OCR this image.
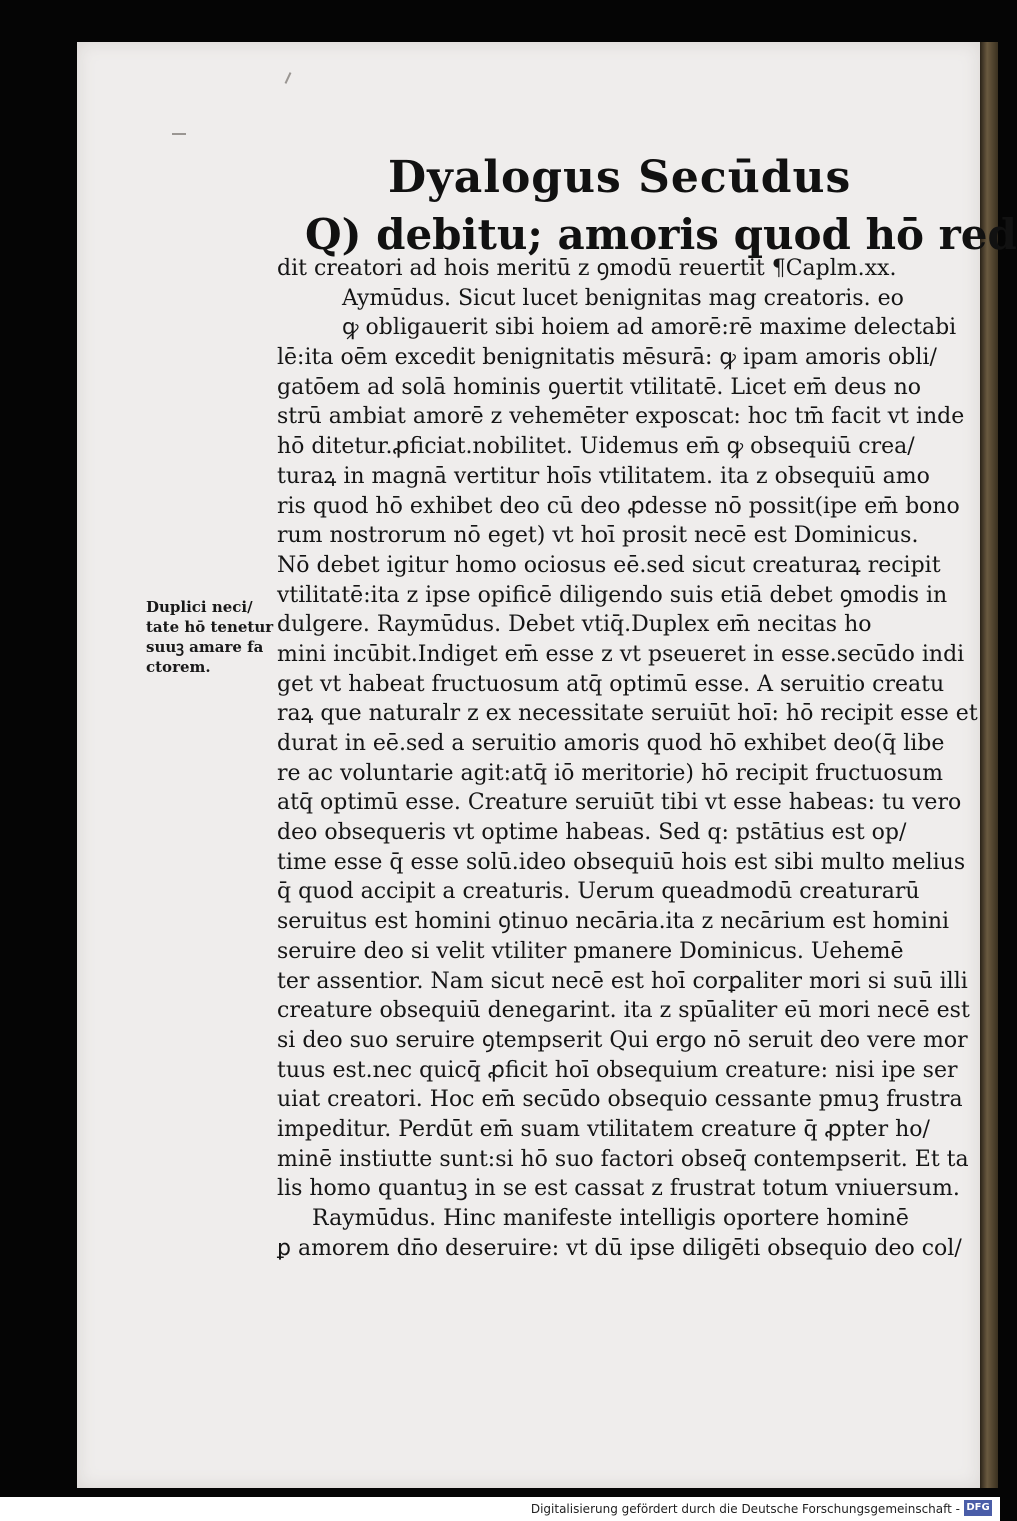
Dyalogus Secūdus
Q) debitu; amoris quod hō red
dit creatori ad hois meritū z ꝯmodū reuertit ¶Caplm.xx.
Aymūdus. Sicut lucet benignitas mag creatoris. eo
ꝙ obligauerit sibi hoiem ad amorē:rē maxime delectabi
lē:ita oēm excedit benignitatis mēsurā: ꝙ ipam amoris obli/
gatōem ad solā hominis ꝯuertit vtilitatē. Licet em̄ deus no
strū ambiat amorē z vehemēter exposcat: hoc tm̄ facit vt inde
hō ditetur.ꝓficiat.nobilitet. Uidemus em̄ ꝙ obsequiū crea/
turaꝝ in magnā vertitur hoīs vtilitatem. ita z obsequiū amo
ris quod hō exhibet deo cū deo ꝓdesse nō possit(ipe em̄ bono
rum nostrorum nō eget) vt hoī prosit necē est Dominicus.
Nō debet igitur homo ociosus eē.sed sicut creaturaꝝ recipit
vtilitatē:ita z ipse opificē diligendo suis etiā debet ꝯmodis in
dulgere. Raymūdus. Debet vtiq̄.Duplex em̄ necitas ho
mini incūbit.Indiget em̄ esse z vt pseueret in esse.secūdo indi
get vt habeat fructuosum atq̄ optimū esse. A seruitio creatu
raꝝ que naturalr z ex necessitate seruiūt hoī: hō recipit esse et
durat in eē.sed a seruitio amoris quod hō exhibet deo(q̄ libe
re ac voluntarie agit:atq̄ iō meritorie) hō recipit fructuosum
atq̄ optimū esse. Creature seruiūt tibi vt esse habeas: tu vero
deo obsequeris vt optime habeas. Sed q: pstātius est op/
time esse q̄ esse solū.ideo obsequiū hois est sibi multo melius
q̄ quod accipit a creaturis. Uerum queadmodū creaturarū
seruitus est homini ꝯtinuo necāria.ita z necārium est homini
seruire deo si velit vtiliter pmanere Dominicus. Uehemē
ter assentior. Nam sicut necē est hoī corꝑaliter mori si suū illi
creature obsequiū denegarint. ita z spūaliter eū mori necē est
si deo suo seruire ꝯtempserit Qui ergo nō seruit deo vere mor
tuus est.nec quicq̄ ꝓficit hoī obsequium creature: nisi ipe ser
uiat creatori. Hoc em̄ secūdo obsequio cessante pmuꝫ frustra
impeditur. Perdūt em̄ suam vtilitatem creature q̄ ꝓpter ho/
minē instiutte sunt:si hō suo factori obseq̄ contempserit. Et ta
lis homo quantuꝫ in se est cassat z frustrat totum vniuersum.
Raymūdus. Hinc manifeste intelligis oportere hominē
ꝑ amorem dn̄o deseruire: vt dū ipse diligēti obsequio deo col/
Duplici neci/
tate hō tenetur
suuꝫ amare fa
ctorem.
Digitalisierung gefördert durch die Deutsche Forschungsgemeinschaft - DFG
